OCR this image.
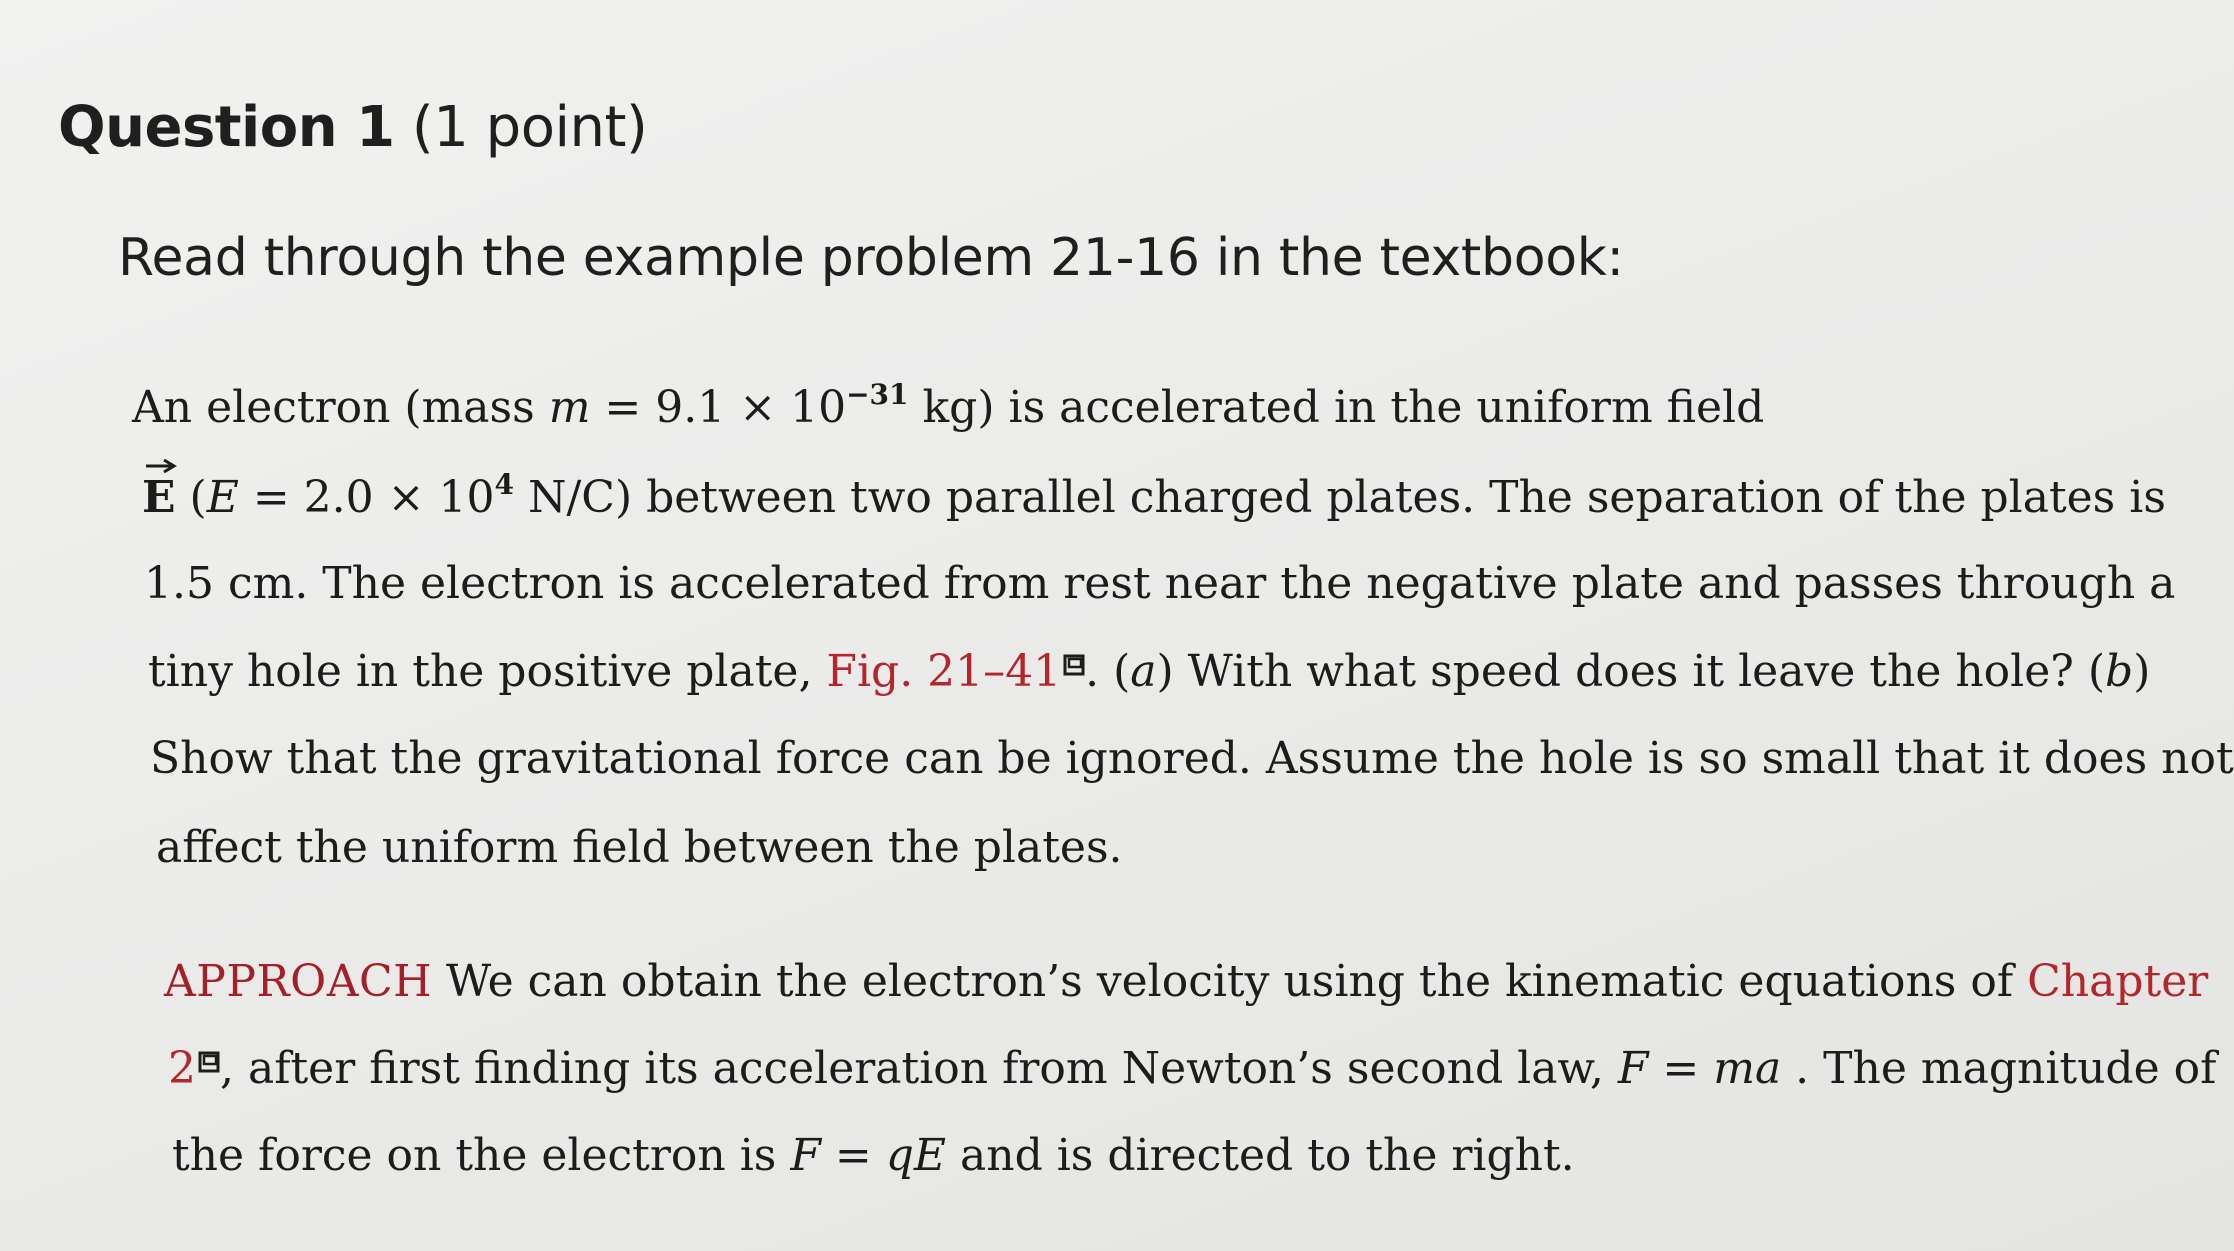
Question 1 (1 point)
Read through the example problem 21-16 in the textbook:
An electron (mass $m = 9.1 \times 10^{-31}$ kg) is accelerated in the uniform field
E ($E = 2.0 \times 10^4$ N/C) between two parallel charged plates. The separation of the plates is
1.5 cm. The electron is accelerated from rest near the negative plate and passes through a
tiny hole in the positive plate, Fig. 21–41 . (a) With what speed does it leave the hole? (b)
Show that the gravitational force can be ignored. Assume the hole is so small that it does not
affect the uniform field between the plates.
APPROACH We can obtain the electron’s velocity using the kinematic equations of Chapter
2 , after first finding its acceleration from Newton’s second law, F = ma . The magnitude of
the force on the electron is F = qE and is directed to the right.
